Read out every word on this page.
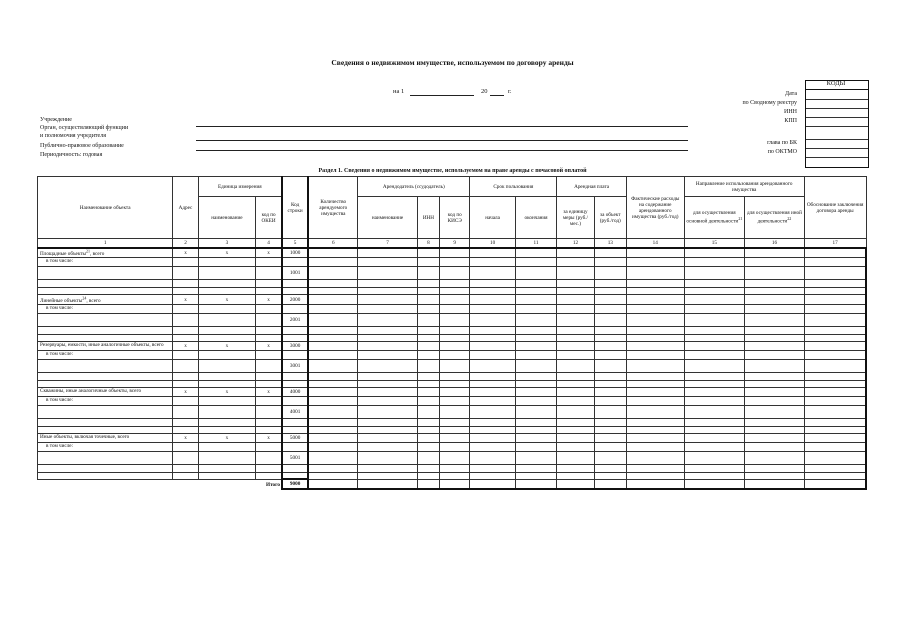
Сведения о недвижимом имуществе, используемом по договору аренды
на 1	20	г.
Учреждение
Орган, осуществляющий функции
и полномочия учредителя
Публично-правовое образование
Периодичность: годовая
Дата
по Сводному реестру
ИНН
КПП
глава по БК
по ОКТМО
КОДЫ
Раздел 1. Сведения о недвижимом имуществе, используемом на праве аренды с почасовой оплатой
Наименование объекта	Адрес	Единица измерения		Код строки	Количество арендуемого имущества	Арендодатель (ссудодатель)			Срок пользования		Арендная плата		Фактические расходы на содержание арендованного имущества (руб./год)	Направление использования арендованного имущества		Обоснование заключения договора аренды
		наименование	код по ОКЕИ			наименование	ИНН	код по КИСЭ	начала	окончания	за единицу меры (руб./мес.)	за объект (руб./год)		для осуществления основной деятельности$^{21}$	для осуществления иной деятельности$^{22}$
1	2	3	4	5	6	7	8	9	10	11	12	13	14	15	16	17
Площадные объекты$^{21}$, всего	x	x	x	1000												
в том числе:																
				1001												

Линейные объекты$^{24}$, всего	x	x	x	2000												
в том числе:																
				2001												

Резервуары, емкости, иные аналогичные объекты, всего	x	x	x	3000												
в том числе:																
				3001												

Скважины, иные аналогичные объекты, всего	x	x	x	4000												
в том числе:																
				4001												

Иные объекты, включая точечные, всего	x	x	x	5000												
в том числе:																
				5001												

Итого				9000												
